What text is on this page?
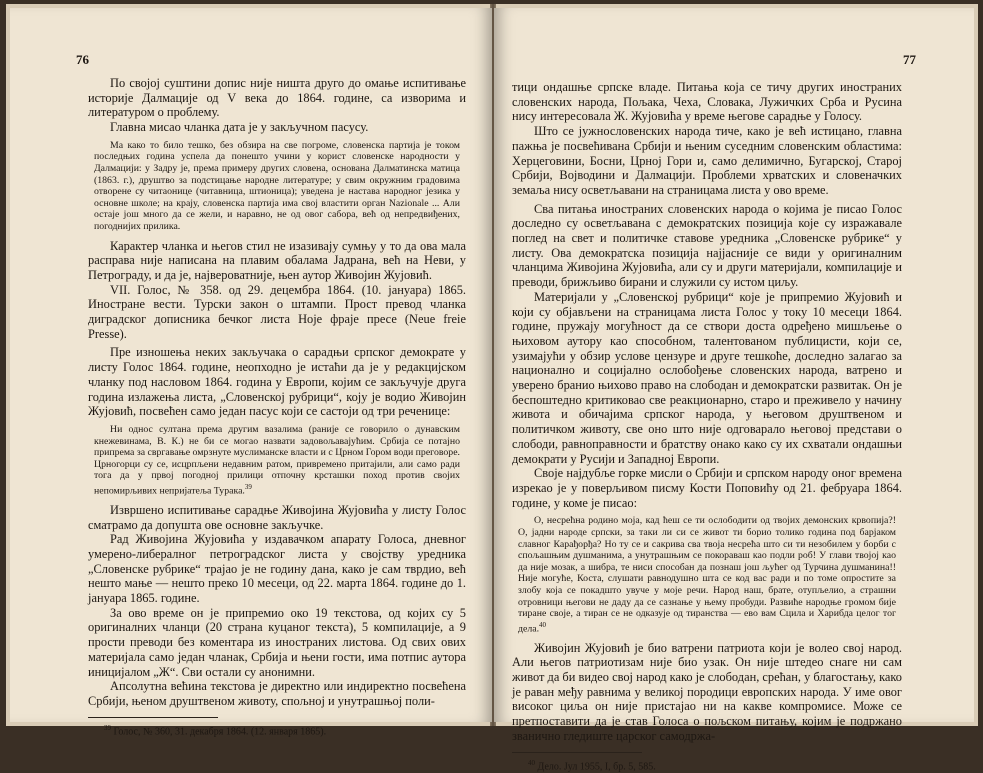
76

По својој суштини допис није ништа друго до омање испитивање историје Далмације од V века до 1864. године, са изворима и литературом о проблему.

Главна мисао чланка дата је у закључном пасусу.

Ма како то било тешко, без обзира на све погроме, словенска партија је током последњих година успела да понешто учини у корист словенске народности у Далмацији: у Задру је, према примеру других словена, основана Далматинска матица (1863. г.), друштво за подстицање народне литературе; у свим окружним градовима отворене су читаонице (читавница, штионица); уведена је настава народног језика у основне школе; на крају, словенска партија има свој властити орган Nazionale ... Али остаје још много да се жели, и наравно, не од овог сабора, већ од непредвиђених, погоднијих прилика.

Карактер чланка и његов стил не изазивају сумњу у то да ова мала расправа није написана на плавим обалама Јадрана, већ на Неви, у Петрограду, и да је, највероватније, њен аутор Живојин Жујовић.

VII. Голос, № 358. од 29. децембра 1864. (10. јануара) 1865. Иностране вести. Турски закон о штампи. Прост превод чланка диградског дописника бечког листа Ноје фраје пресе (Neue freie Presse).

Пре изношења неких закључака о сарадњи српског демократе у листу Голос 1864. године, неопходно је истаћи да је у редакцијском чланку под насловом 1864. година у Европи, којим се закључује друга година излажења листа, „Словенској рубрици“, коју је водио Живојин Жујовић, посвећен само један пасус који се састоји од три реченице:

Ни однос султана према другим вазалима (раније се говорило о дунавским кнежевинама, В. К.) не би се могао назвати задовољавајућим. Србија се потајно припрема за свргавање омрзнуте муслиманске власти и с Црном Гором води преговоре. Црногорци су се, исцрпљени недавним ратом, привремено притајили, али само ради тога да у првој погодној прилици отпочну крсташки поход против својих непомирљивих непријатеља Турака.$^{39}$

Извршено испитивање сарадње Живојина Жујовића у листу Голос сматрамо да допушта ове основне закључке.

Рад Живојина Жујовића у издавачком апарату Голоса, дневног умерено-либералног петроградског листа у својству уредника „Словенске рубрике“ трајао је не годину дана, како је сам тврдио, већ нешто мање — нешто преко 10 месеци, од 22. марта 1864. године до 1. јануара 1865. године.

За ово време он је припремио око 19 текстова, од којих су 5 оригиналних чланци (20 страна куцаног текста), 5 компилације, а 9 прости преводи без коментара из иностраних листова. Од свих ових материјала само један чланак, Србија и њени гости, има потпис аутора иницијалом „Ж“. Сви остали су анонимни.

Апсолутна већина текстова је директно или индиректно посвећена Србији, њеном друштвеном животу, спољној и унутрашњој поли-

$^{39}$ Голос, № 360, 31. декабря 1864. (12. января 1865).
77

тици ондашње српске владе. Питања која се тичу других иностраних словенских народа, Пољака, Чеха, Словака, Лужичких Срба и Русина нису интересовала Ж. Жујовића у време његове сарадње у Голосу.

Што се јужнословенских народа тиче, како је већ истицано, главна пажња је посвећивана Србији и њеним суседним словенским областима: Херцеговини, Босни, Црној Гори и, само делимично, Бугарској, Старој Србији, Војводини и Далмацији. Проблеми хрватских и словеначких земаља нису осветљавани на страницама листа у ово време.

Сва питања иностраних словенских народа о којима је писао Голос доследно су осветљавана с демократских позиција које су изражавале поглед на свет и политичке ставове уредника „Словенске рубрике“ у листу. Ова демократска позиција најјасније се види у оригиналним чланцима Живојина Жујовића, али су и други материјали, компилације и преводи, брижљиво бирани и служили су истом циљу.

Материјали у „Словенској рубрици“ које је припремио Жујовић и који су објављени на страницама листа Голос у току 10 месеци 1864. године, пружају могућност да се створи доста одређено мишљење о њиховом аутору као способном, талентованом публицисти, који се, узимајући у обзир услове цензуре и друге тешкоће, доследно залагао за национално и социјално ослобођење словенских народа, ватрено и уверено бранио њихово право на слободан и демократски развитак. Он је беспоштедно критиковао све реакционарно, старо и преживело у начину живота и обичајима српског народа, у његовом друштвеном и политичком животу, све оно што није одговарало његовој представи о слободи, равноправности и братству онако како су их схватали ондашњи демократи у Русији и Западној Европи.

Своје најдубље горке мисли о Србији и српском народу оног времена изрекао је у поверљивом писму Кости Поповићу од 21. фебруара 1864. године, у коме је писао:

О, несрећна родино моја, кад ћеш се ти ослободити од твојих демонских крвопија?! О, јадни народе српски, за таки ли си се живот ти борио толико година под барјаком славног Карађорђа? Но ту се и сакрива сва твоја несрећа што си ти незобилем у борби с спољашњим душманима, а унутрашњим се покораваш као подли роб! У глави твојој као да није мозак, а шибра, те ниси способан да познаш још љућег од Турчина душманина!! Није могуће, Коста, слушати равнодушно шта се код вас ради и по томе опростите за злобу која се покадшто увуче у моје речи. Народ наш, брате, отупљелио, а страшни отровници његови не даду да се сазнање у њему пробуди. Развиће народње громом бије тиране своје, а тиран се не одказује од тиранства — ево вам Сцила и Харибда целог тог дела.$^{40}$

Живојин Жујовић је био ватрени патриота који је волео свој народ. Али његов патриотизам није био узак. Он није штедео снаге ни сам живот да би видео свој народ како је слободан, срећан, у благостању, како је раван међу равнима у великој породици европских народа. У име овог високог циља он није пристајао ни на какве компромисе. Може се претпоставити да је став Голоса о пољском питању, којим је подржано званично гледиште царског самодржа-

$^{40}$ Дело. Јул 1955, I, бр. 5, 585.
